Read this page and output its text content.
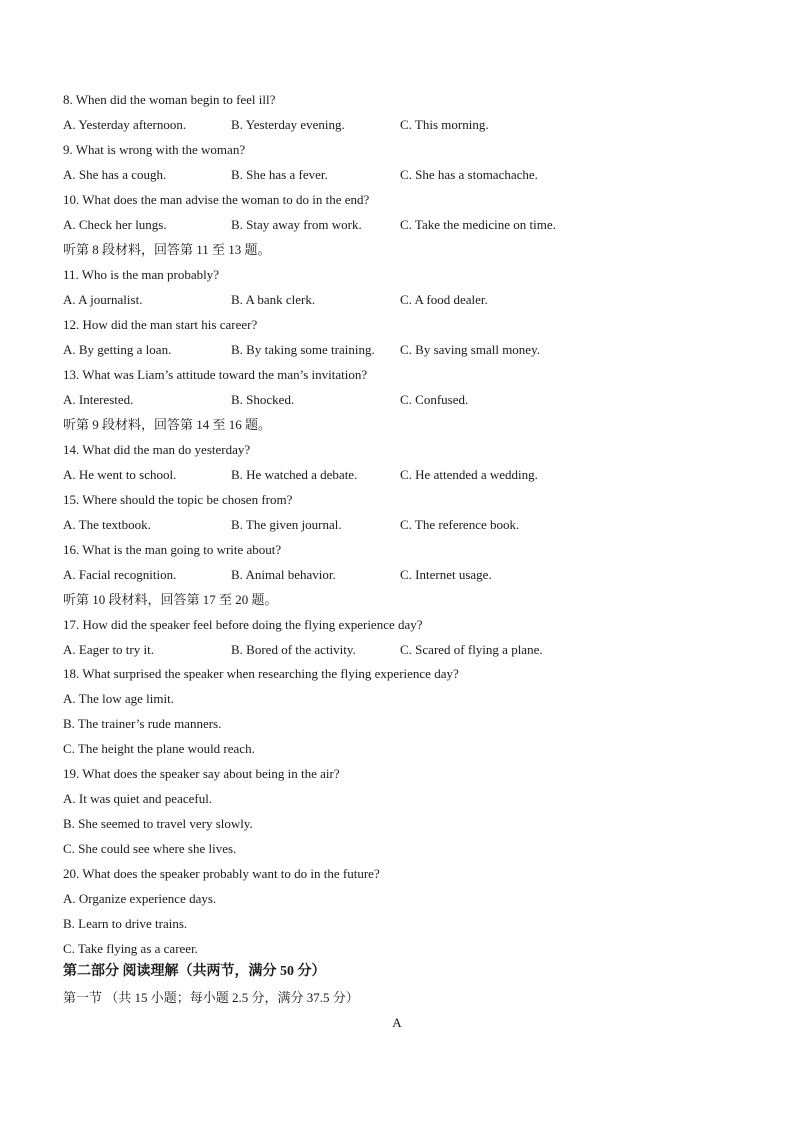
8. When did the woman begin to feel ill?
A. Yesterday afternoon.	B. Yesterday evening.	C. This morning.
9. What is wrong with the woman?
A. She has a cough.	B. She has a fever.	C. She has a stomachache.
10. What does the man advise the woman to do in the end?
A. Check her lungs.	B. Stay away from work.	C. Take the medicine on time.
听第 8 段材料，回答第 11 至 13 题。
11. Who is the man probably?
A. A journalist.	B. A bank clerk.	C. A food dealer.
12. How did the man start his career?
A. By getting a loan.	B. By taking some training. C. By saving small money.
13. What was Liam’s attitude toward the man’s invitation?
A. Interested.	B. Shocked.	C. Confused.
听第 9 段材料，回答第 14 至 16 题。
14. What did the man do yesterday?
A. He went to school.	B. He watched a debate.	C. He attended a wedding.
15. Where should the topic be chosen from?
A. The textbook.	B. The given journal.	C. The reference book.
16. What is the man going to write about?
A. Facial recognition.	B. Animal behavior.	C. Internet usage.
听第 10 段材料，回答第 17 至 20 题。
17. How did the speaker feel before doing the flying experience day?
A. Eager to try it.	B. Bored of the activity.	C. Scared of flying a plane.
18. What surprised the speaker when researching the flying experience day?
A. The low age limit.
B. The trainer’s rude manners.
C. The height the plane would reach.
19. What does the speaker say about being in the air?
A. It was quiet and peaceful.
B. She seemed to travel very slowly.
C. She could see where she lives.
20. What does the speaker probably want to do in the future?
A. Organize experience days.
B. Learn to drive trains.
C. Take flying as a career.
第二部分 阅读理解（共两节，满分 50 分）
第一节 （共 15 小题；每小题 2.5 分，满分 37.5 分）
A
